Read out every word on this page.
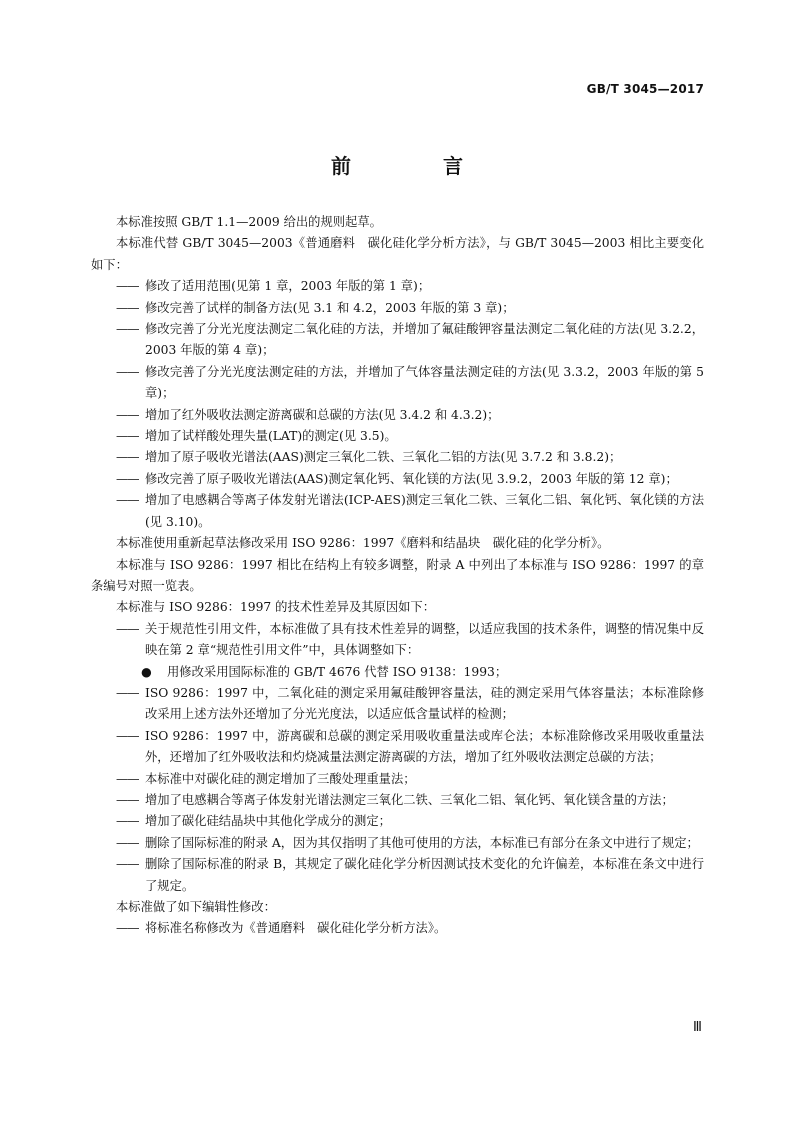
GB/T 3045—2017
前　言

本标准按照 GB/T 1.1—2009 给出的规则起草。

本标准代替 GB/T 3045—2003《普通磨料　碳化硅化学分析方法》，与 GB/T 3045—2003 相比主要变化如下：

—— 修改了适用范围(见第 1 章，2003 年版的第 1 章)；
—— 修改完善了试样的制备方法(见 3.1 和 4.2，2003 年版的第 3 章)；
—— 修改完善了分光光度法测定二氧化硅的方法，并增加了氟硅酸钾容量法测定二氧化硅的方法(见 3.2.2，2003 年版的第 4 章)；
—— 修改完善了分光光度法测定硅的方法，并增加了气体容量法测定硅的方法(见 3.3.2，2003 年版的第 5 章)；
—— 增加了红外吸收法测定游离碳和总碳的方法(见 3.4.2 和 4.3.2)；
—— 增加了试样酸处理失量(LAT)的测定(见 3.5)。
—— 增加了原子吸收光谱法(AAS)测定三氧化二铁、三氧化二铝的方法(见 3.7.2 和 3.8.2)；
—— 修改完善了原子吸收光谱法(AAS)测定氧化钙、氧化镁的方法(见 3.9.2，2003 年版的第 12 章)；
—— 增加了电感耦合等离子体发射光谱法(ICP-AES)测定三氧化二铁、三氧化二铝、氧化钙、氧化镁的方法(见 3.10)。

本标准使用重新起草法修改采用 ISO 9286：1997《磨料和结晶块　碳化硅的化学分析》。

本标准与 ISO 9286：1997 相比在结构上有较多调整，附录 A 中列出了本标准与 ISO 9286：1997 的章条编号对照一览表。

本标准与 ISO 9286：1997 的技术性差异及其原因如下：

—— 关于规范性引用文件，本标准做了具有技术性差异的调整，以适应我国的技术条件，调整的情况集中反映在第 2 章“规范性引用文件”中，具体调整如下：
●	用修改采用国际标准的 GB/T 4676 代替 ISO 9138：1993；
—— ISO 9286：1997 中，二氧化硅的测定采用氟硅酸钾容量法，硅的测定采用气体容量法；本标准除修改采用上述方法外还增加了分光光度法，以适应低含量试样的检测；
—— ISO 9286：1997 中，游离碳和总碳的测定采用吸收重量法或库仑法；本标准除修改采用吸收重量法外，还增加了红外吸收法和灼烧减量法测定游离碳的方法，增加了红外吸收法测定总碳的方法；
—— 本标准中对碳化硅的测定增加了三酸处理重量法；
—— 增加了电感耦合等离子体发射光谱法测定三氧化二铁、三氧化二铝、氧化钙、氧化镁含量的方法；
—— 增加了碳化硅结晶块中其他化学成分的测定；
—— 删除了国际标准的附录 A，因为其仅指明了其他可使用的方法，本标准已有部分在条文中进行了规定；
—— 删除了国际标准的附录 B，其规定了碳化硅化学分析因测试技术变化的允许偏差，本标准在条文中进行了规定。

本标准做了如下编辑性修改：

—— 将标准名称修改为《普通磨料　碳化硅化学分析方法》。
Ⅲ
